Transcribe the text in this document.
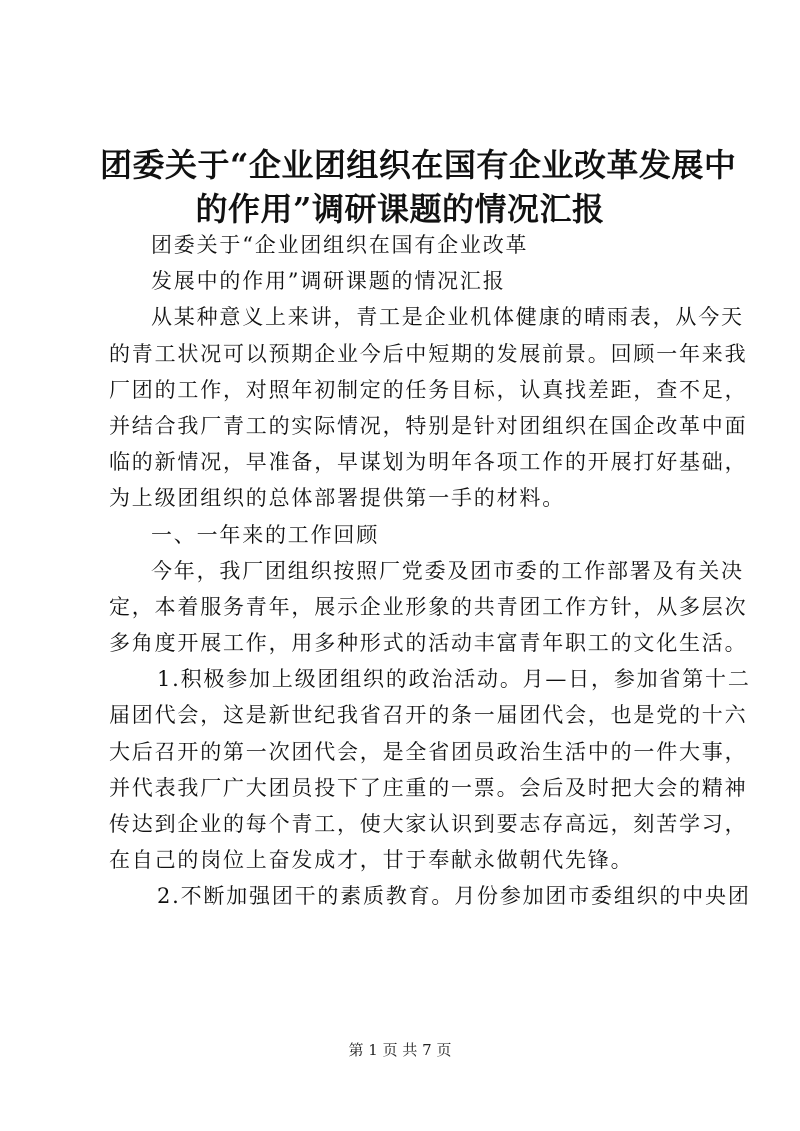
团委关于“企业团组织在国有企业改革发展中
的作用”调研课题的情况汇报
团委关于“企业团组织在国有企业改革
发展中的作用”调研课题的情况汇报
从某种意义上来讲，青工是企业机体健康的晴雨表，从今天
的青工状况可以预期企业今后中短期的发展前景。回顾一年来我
厂团的工作，对照年初制定的任务目标，认真找差距，查不足，
并结合我厂青工的实际情况，特别是针对团组织在国企改革中面
临的新情况，早准备，早谋划为明年各项工作的开展打好基础，
为上级团组织的总体部署提供第一手的材料。
一、一年来的工作回顾
今年，我厂团组织按照厂党委及团市委的工作部署及有关决
定，本着服务青年，展示企业形象的共青团工作方针，从多层次
多角度开展工作，用多种形式的活动丰富青年职工的文化生活。
1.积极参加上级团组织的政治活动。月—日，参加省第十二
届团代会，这是新世纪我省召开的条一届团代会，也是党的十六
大后召开的第一次团代会，是全省团员政治生活中的一件大事，
并代表我厂广大团员投下了庄重的一票。会后及时把大会的精神
传达到企业的每个青工，使大家认识到要志存高远，刻苦学习，
在自己的岗位上奋发成才，甘于奉献永做朝代先锋。
2.不断加强团干的素质教育。月份参加团市委组织的中央团
第 1 页 共 7 页
